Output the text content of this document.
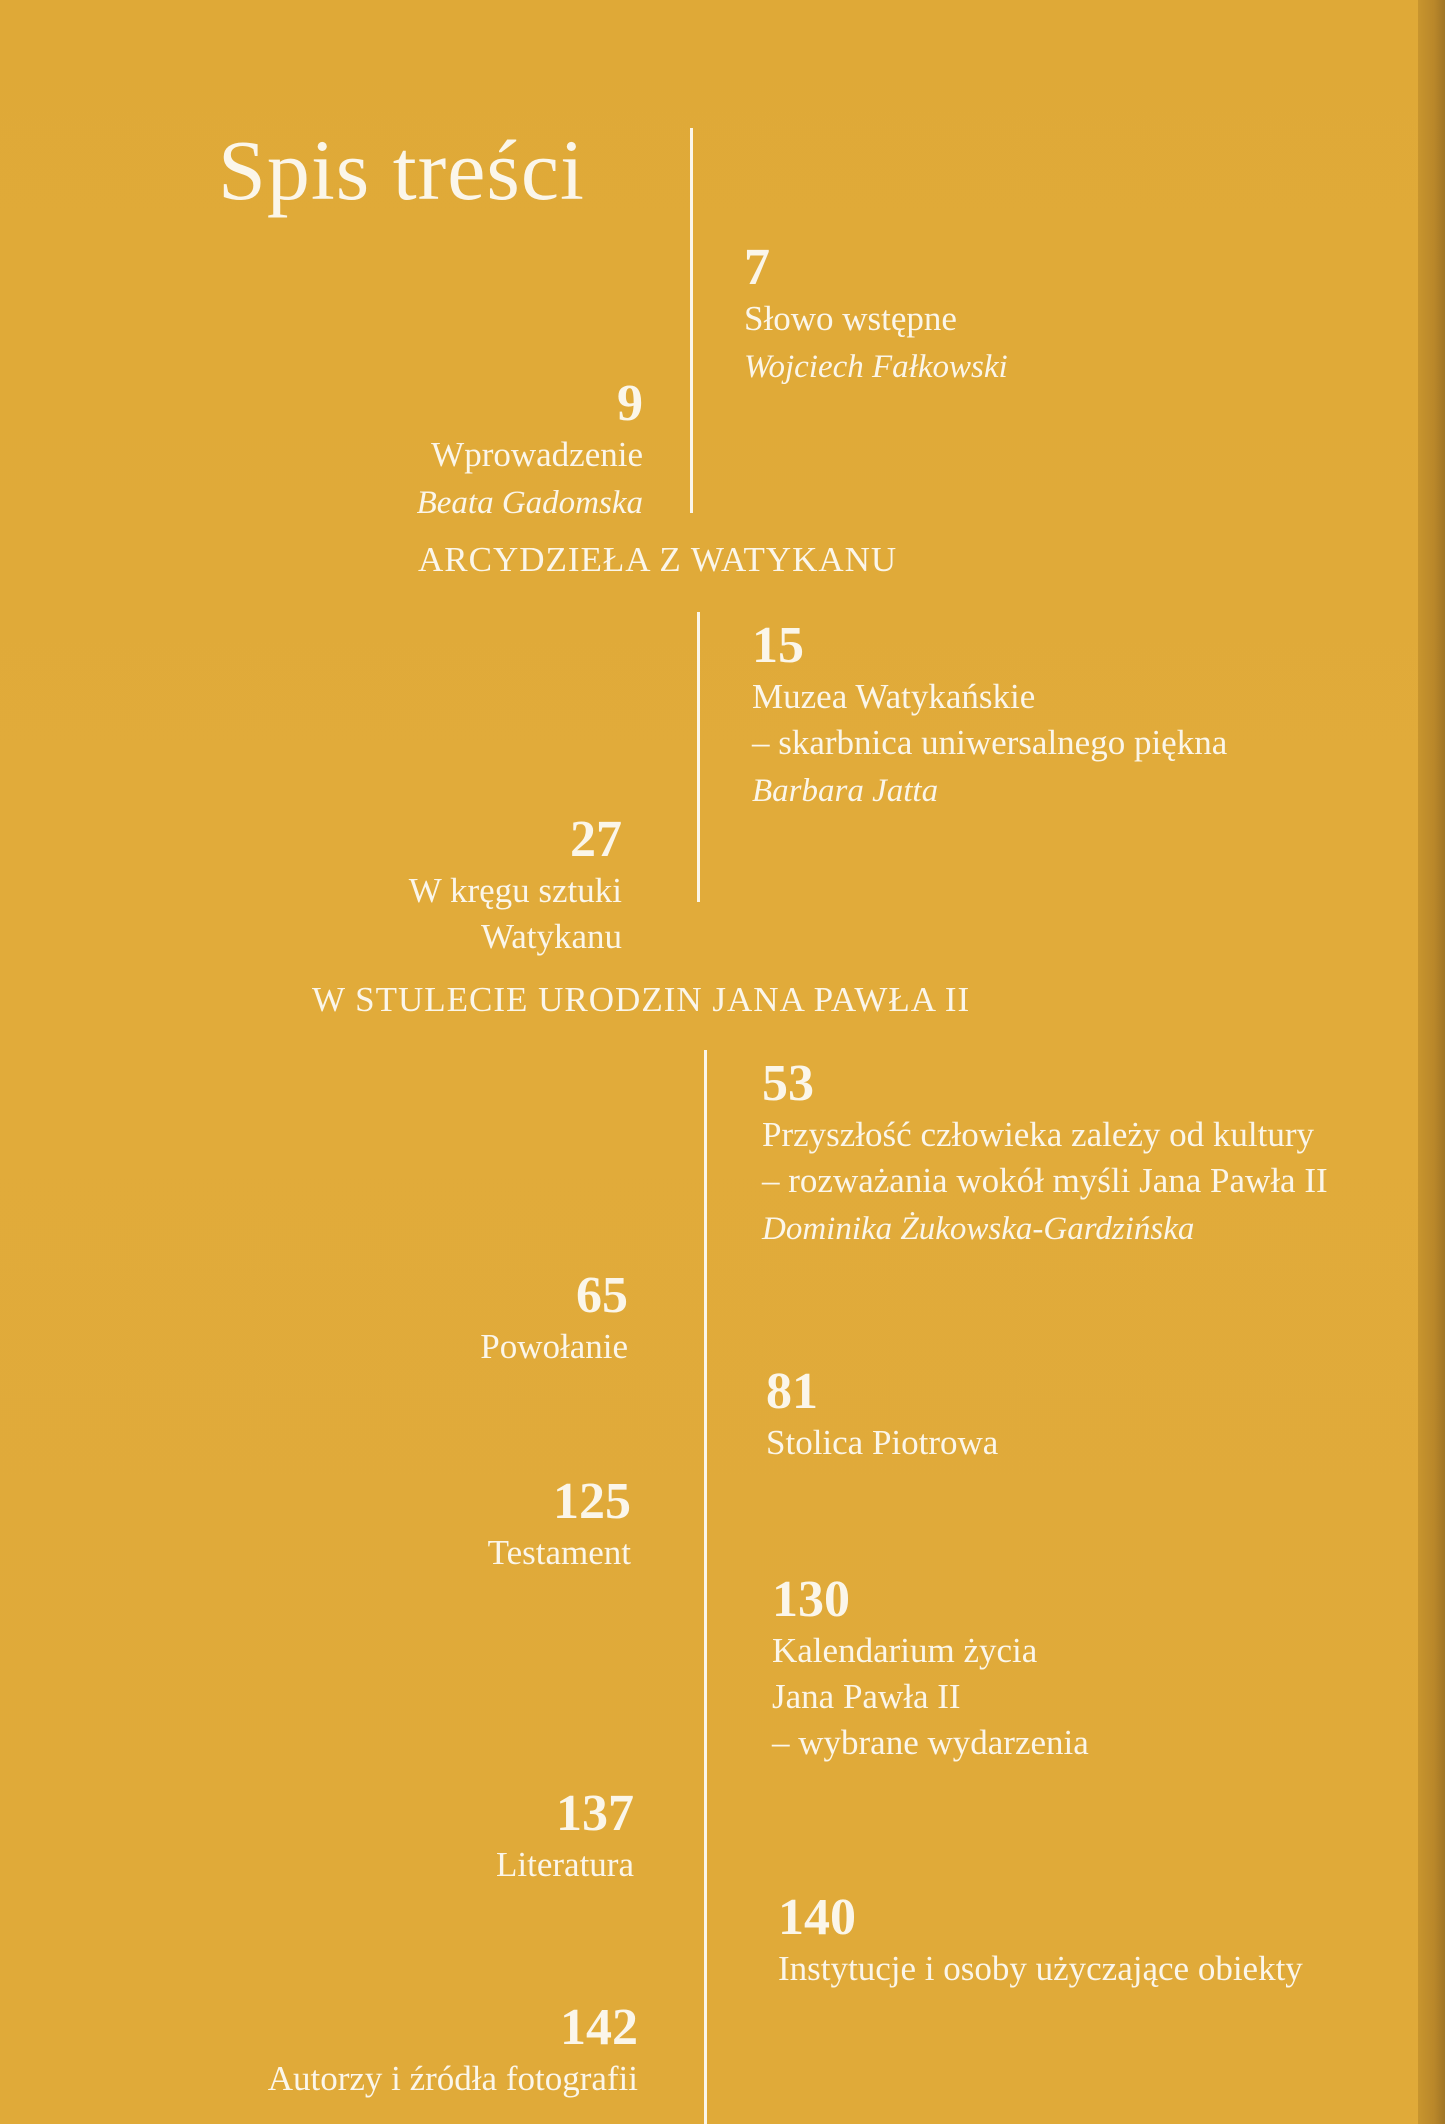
Spis treści
7
Słowo wstępne
Wojciech Fałkowski
9
Wprowadzenie
Beata Gadomska
ARCYDZIEŁA Z WATYKANU
15
Muzea Watykańskie
– skarbnica uniwersalnego piękna
Barbara Jatta
27
W kręgu sztuki
Watykanu
W STULECIE URODZIN JANA PAWŁA II
53
Przyszłość człowieka zależy od kultury
– rozważania wokół myśli Jana Pawła II
Dominika Żukowska-Gardzińska
65
Powołanie
81
Stolica Piotrowa
125
Testament
130
Kalendarium życia
Jana Pawła II
– wybrane wydarzenia
137
Literatura
140
Instytucje i osoby użyczające obiekty
142
Autorzy i źródła fotografii
